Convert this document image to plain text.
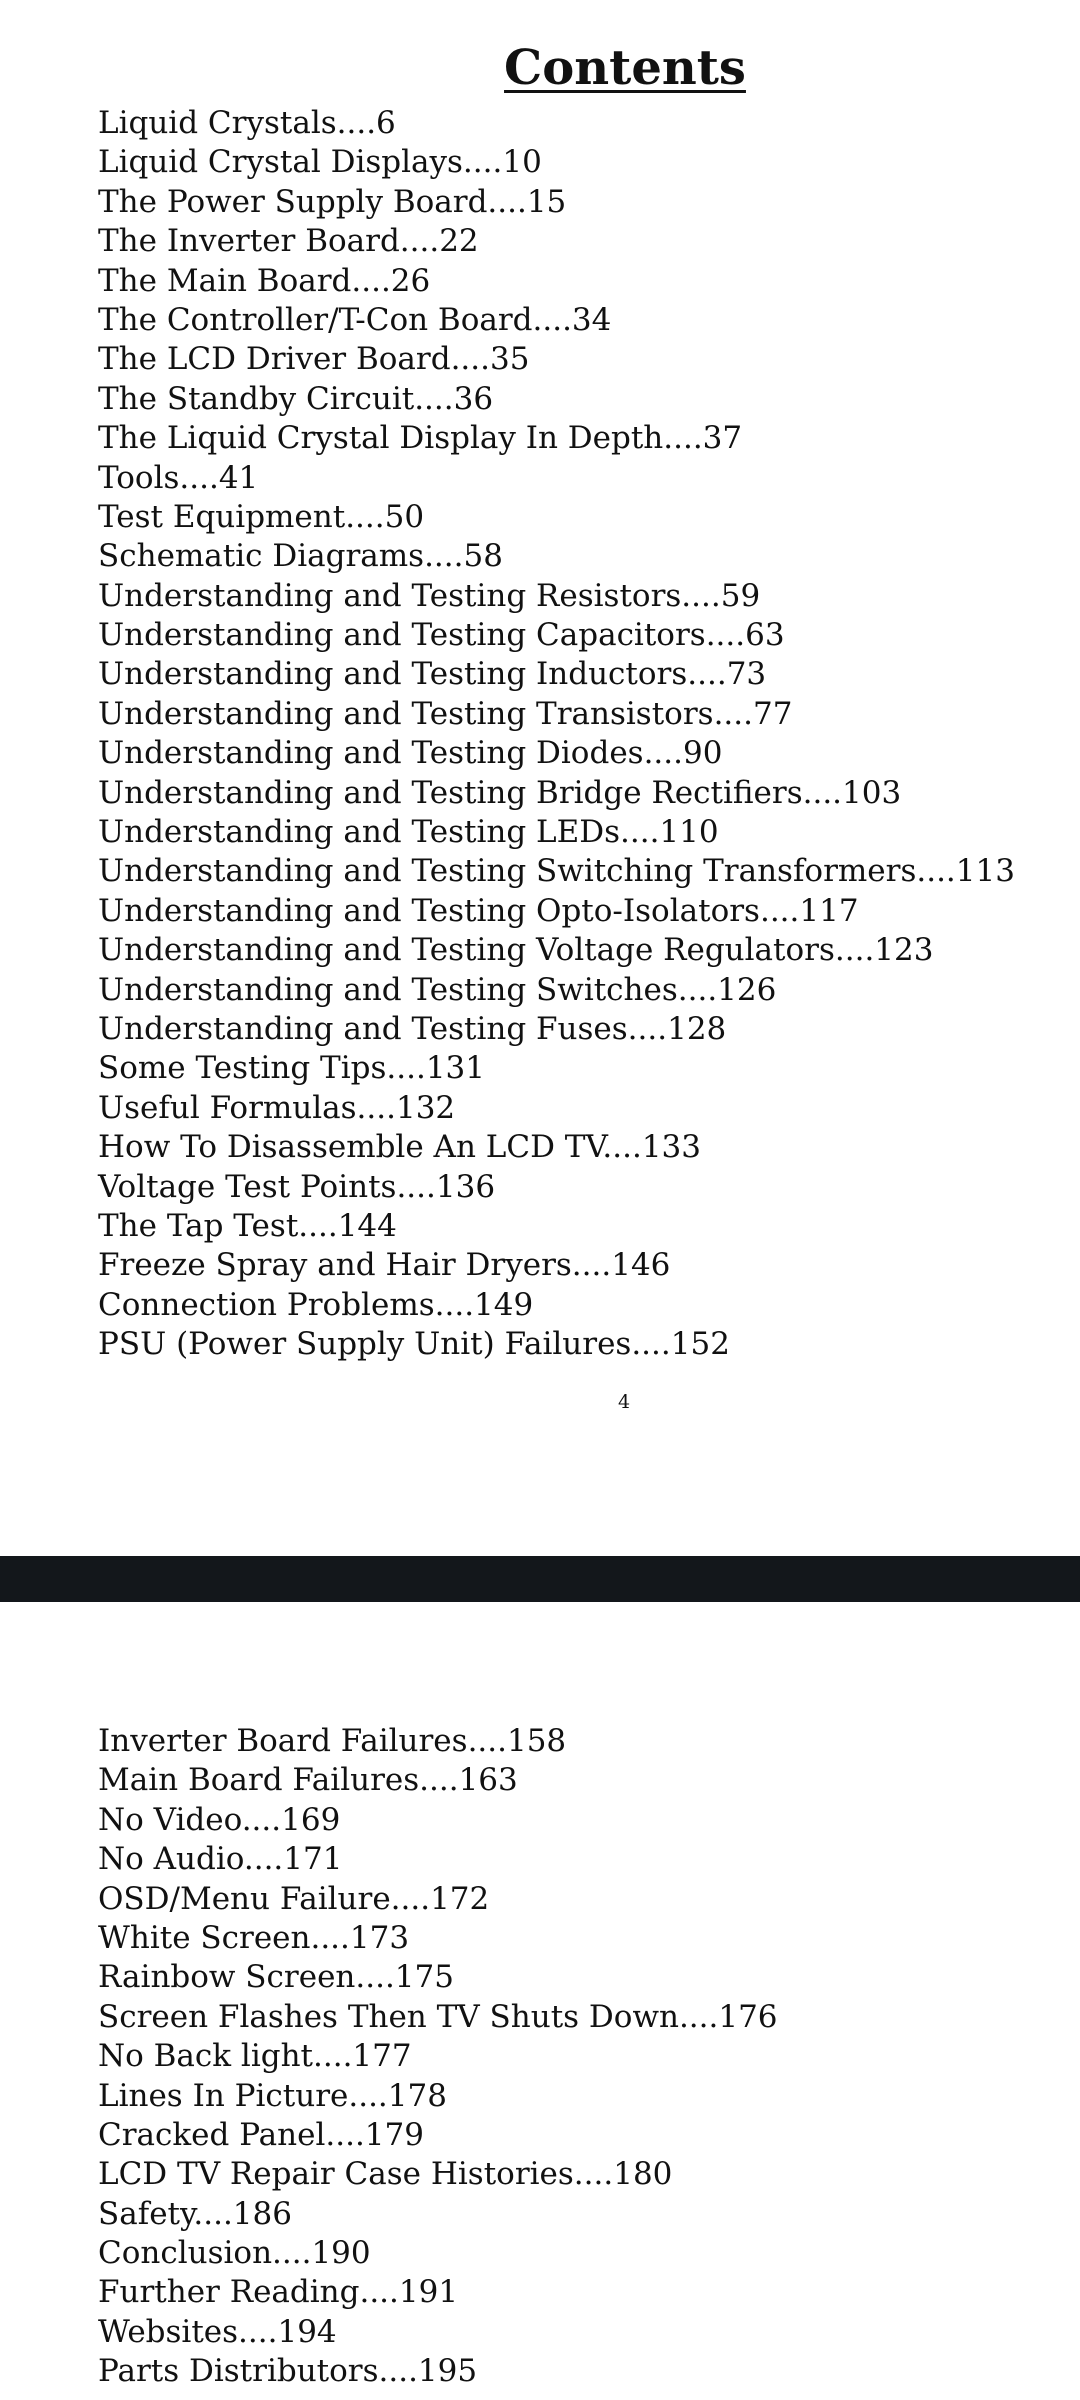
Contents
Liquid Crystals....6
Liquid Crystal Displays....10
The Power Supply Board....15
The Inverter Board....22
The Main Board....26
The Controller/T-Con Board....34
The LCD Driver Board....35
The Standby Circuit....36
The Liquid Crystal Display In Depth....37
Tools....41
Test Equipment....50
Schematic Diagrams....58
Understanding and Testing Resistors....59
Understanding and Testing Capacitors....63
Understanding and Testing Inductors....73
Understanding and Testing Transistors....77
Understanding and Testing Diodes....90
Understanding and Testing Bridge Rectifiers....103
Understanding and Testing LEDs....110
Understanding and Testing Switching Transformers....113
Understanding and Testing Opto-Isolators....117
Understanding and Testing Voltage Regulators....123
Understanding and Testing Switches....126
Understanding and Testing Fuses....128
Some Testing Tips....131
Useful Formulas....132
How To Disassemble An LCD TV....133
Voltage Test Points....136
The Tap Test....144
Freeze Spray and Hair Dryers....146
Connection Problems....149
PSU (Power Supply Unit) Failures....152
4
Inverter Board Failures....158
Main Board Failures....163
No Video....169
No Audio....171
OSD/Menu Failure....172
White Screen....173
Rainbow Screen....175
Screen Flashes Then TV Shuts Down....176
No Back light....177
Lines In Picture....178
Cracked Panel....179
LCD TV Repair Case Histories....180
Safety....186
Conclusion....190
Further Reading....191
Websites....194
Parts Distributors....195
